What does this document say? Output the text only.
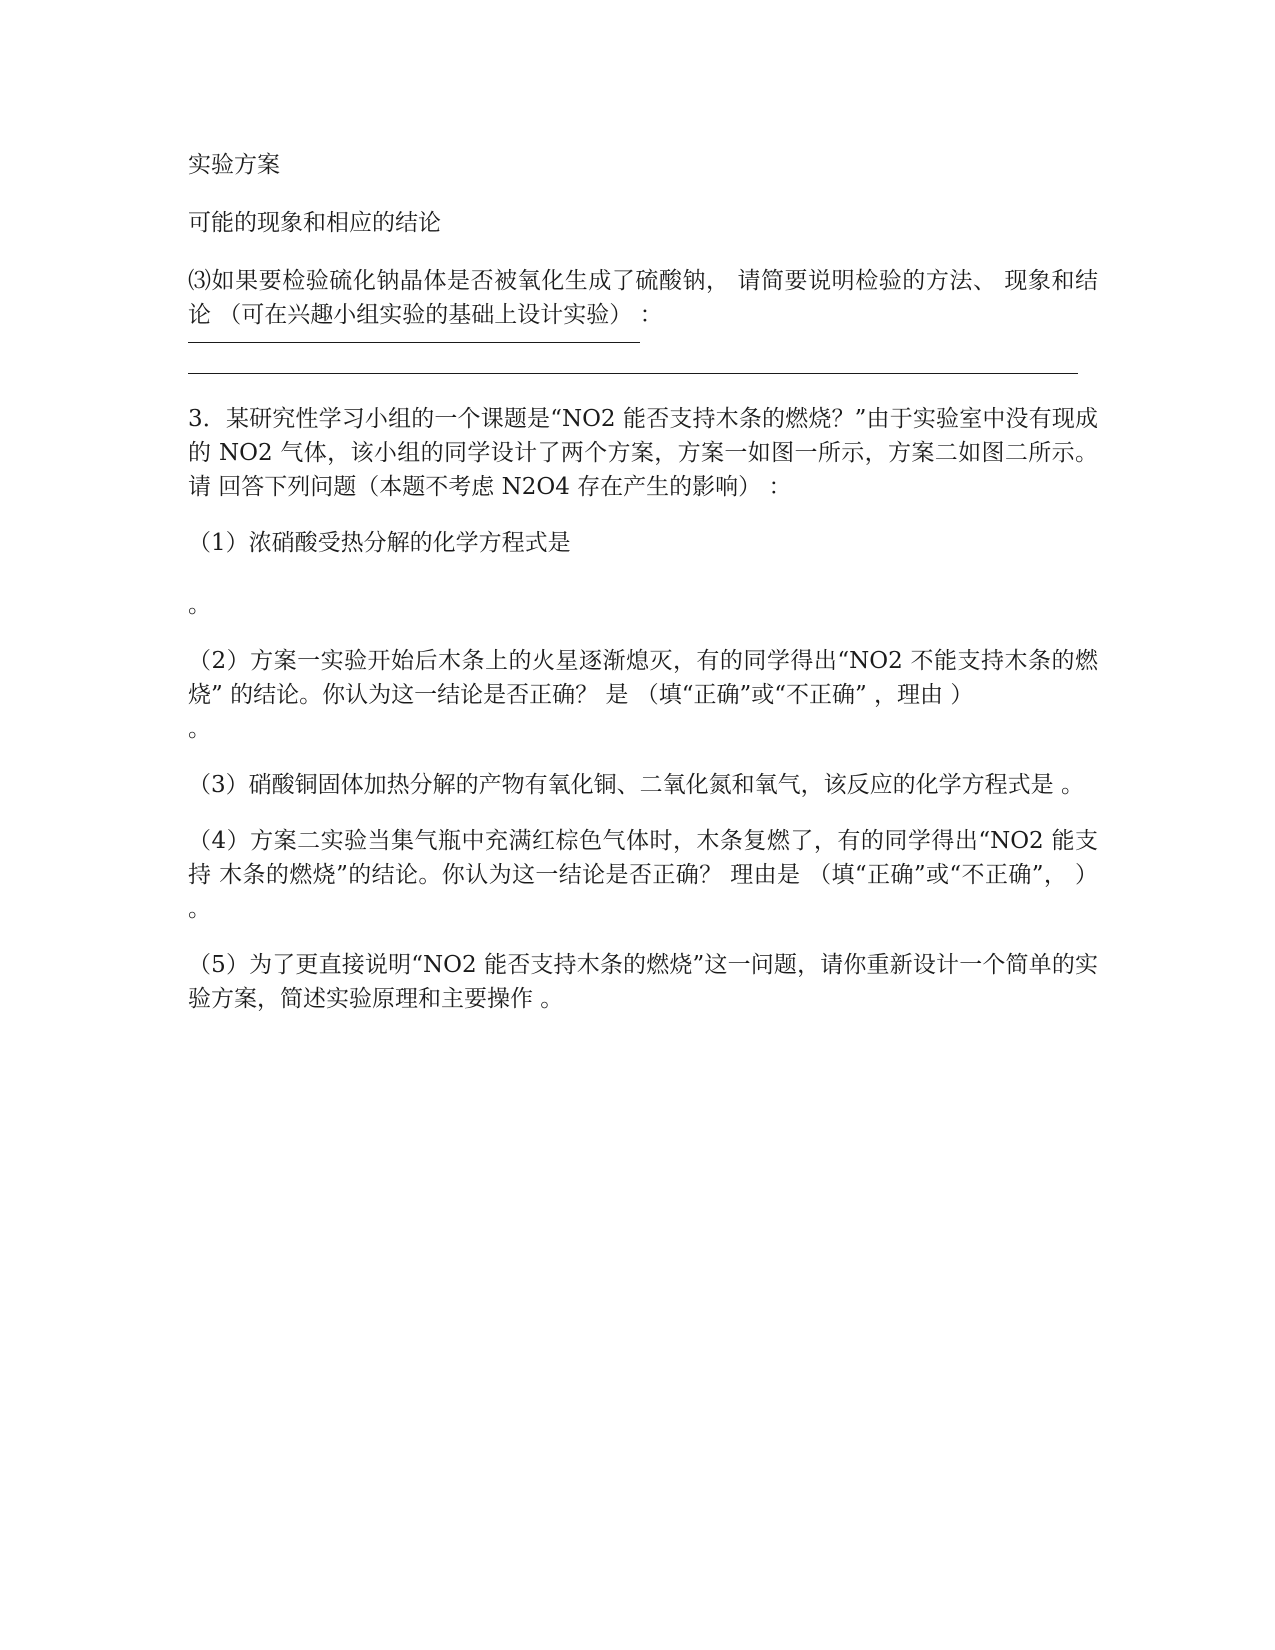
实验方案

可能的现象和相应的结论

⑶如果要检验硫化钠晶体是否被氧化生成了硫酸钠， 请简要说明检验的方法、 现象和结论 （可在兴趣小组实验的基础上设计实验） ：

3．某研究性学习小组的一个课题是“NO2 能否支持木条的燃烧？”由于实验室中没有现成 的 NO2 气体，该小组的同学设计了两个方案，方案一如图一所示，方案二如图二所示。请 回答下列问题（本题不考虑 N2O4 存在产生的影响） ：

（1）浓硝酸受热分解的化学方程式是

。

（2）方案一实验开始后木条上的火星逐渐熄灭，有的同学得出“NO2 不能支持木条的燃烧” 的结论。你认为这一结论是否正确？ 是 （填“正确”或“不正确” ，理由 ）

。

（3）硝酸铜固体加热分解的产物有氧化铜、二氧化氮和氧气，该反应的化学方程式是 。

（4）方案二实验当集气瓶中充满红棕色气体时，木条复燃了，有的同学得出“NO2 能支持 木条的燃烧”的结论。你认为这一结论是否正确？ 理由是 （填“正确”或“不正确”， ） 。

（5）为了更直接说明“NO2 能否支持木条的燃烧”这一问题，请你重新设计一个简单的实 验方案，简述实验原理和主要操作 。
